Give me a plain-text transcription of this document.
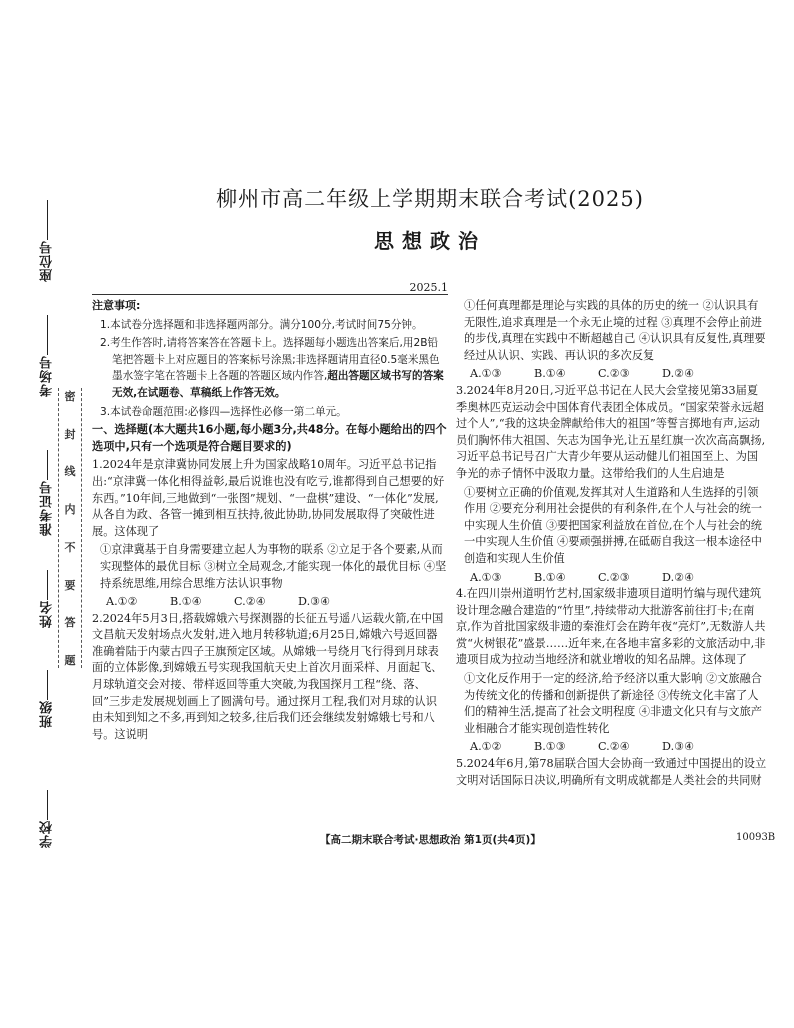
座位号
考场号
准考证号
姓名
班级
学校
密
封
线
内
不
要
答
题
柳州市高二年级上学期期末联合考试(2025)
思想政治
2025.1
注意事项:

1.本试卷分选择题和非选择题两部分。满分100分,考试时间75分钟。

2.考生作答时,请将答案答在答题卡上。选择题每小题选出答案后,用2B铅笔把答题卡上对应题目的答案标号涂黑;非选择题请用直径0.5毫米黑色墨水签字笔在答题卡上各题的答题区域内作答,超出答题区域书写的答案无效,在试题卷、草稿纸上作答无效。

3.本试卷命题范围:必修四—选择性必修一第二单元。

一、选择题(本大题共16小题,每小题3分,共48分。在每小题给出的四个选项中,只有一个选项是符合题目要求的)

1.2024年是京津冀协同发展上升为国家战略10周年。习近平总书记指出:“京津冀一体化相得益彰,最后说谁也没有吃亏,谁都得到自己想要的好东西。”10年间,三地做到“一张图”规划、“一盘棋”建设、“一体化”发展,从各自为政、各管一摊到相互扶持,彼此协助,协同发展取得了突破性进展。这体现了

①京津冀基于自身需要建立起人为事物的联系 ②立足于各个要素,从而实现整体的最优目标 ③树立全局观念,才能实现一体化的最优目标 ④坚持系统思维,用综合思维方法认识事物

A.①②	B.①④	C.②④	D.③④

2.2024年5月3日,搭载嫦娥六号探测器的长征五号遥八运载火箭,在中国文昌航天发射场点火发射,进入地月转移轨道;6月25日,嫦娥六号返回器准确着陆于内蒙古四子王旗预定区域。从嫦娥一号绕月飞行得到月球表面的立体影像,到嫦娥五号实现我国航天史上首次月面采样、月面起飞、月球轨道交会对接、带样返回等重大突破,为我国探月工程“绕、落、回”三步走发展规划画上了圆满句号。通过探月工程,我们对月球的认识由未知到知之不多,再到知之较多,往后我们还会继续发射嫦娥七号和八号。这说明

①任何真理都是理论与实践的具体的历史的统一 ②认识具有无限性,追求真理是一个永无止境的过程 ③真理不会停止前进的步伐,真理在实践中不断超越自己 ④认识具有反复性,真理要经过从认识、实践、再认识的多次反复

A.①③	B.①④	C.②③	D.②④

3.2024年8月20日,习近平总书记在人民大会堂接见第33届夏季奥林匹克运动会中国体育代表团全体成员。“国家荣誉永远超过个人”,“我的这块金牌献给伟大的祖国”等誓言掷地有声,运动员们胸怀伟大祖国、矢志为国争光,让五星红旗一次次高高飘扬,习近平总书记号召广大青少年要从运动健儿们祖国至上、为国争光的赤子情怀中汲取力量。这带给我们的人生启迪是

①要树立正确的价值观,发挥其对人生道路和人生选择的引领作用 ②要充分利用社会提供的有利条件,在个人与社会的统一中实现人生价值 ③要把国家利益放在首位,在个人与社会的统一中实现人生价值 ④要顽强拼搏,在砥砺自我这一根本途径中创造和实现人生价值

A.①③	B.①④	C.②③	D.②④

4.在四川崇州道明竹艺村,国家级非遗项目道明竹编与现代建筑设计理念融合建造的“竹里”,持续带动大批游客前往打卡;在南京,作为首批国家级非遗的秦淮灯会在跨年夜“亮灯”,无数游人共赏“火树银花”盛景……近年来,在各地丰富多彩的文旅活动中,非遗项目成为拉动当地经济和就业增收的知名品牌。这体现了

①文化反作用于一定的经济,给予经济以重大影响 ②文旅融合为传统文化的传播和创新提供了新途径 ③传统文化丰富了人们的精神生活,提高了社会文明程度 ④非遗文化只有与文旅产业相融合才能实现创造性转化

A.①②	B.①③	C.②④	D.③④

5.2024年6月,第78届联合国大会协商一致通过中国提出的设立文明对话国际日决议,明确所有文明成就都是人类社会的共同财

【高二期末联合考试·思想政治 第1页(共4页)】	10093B
